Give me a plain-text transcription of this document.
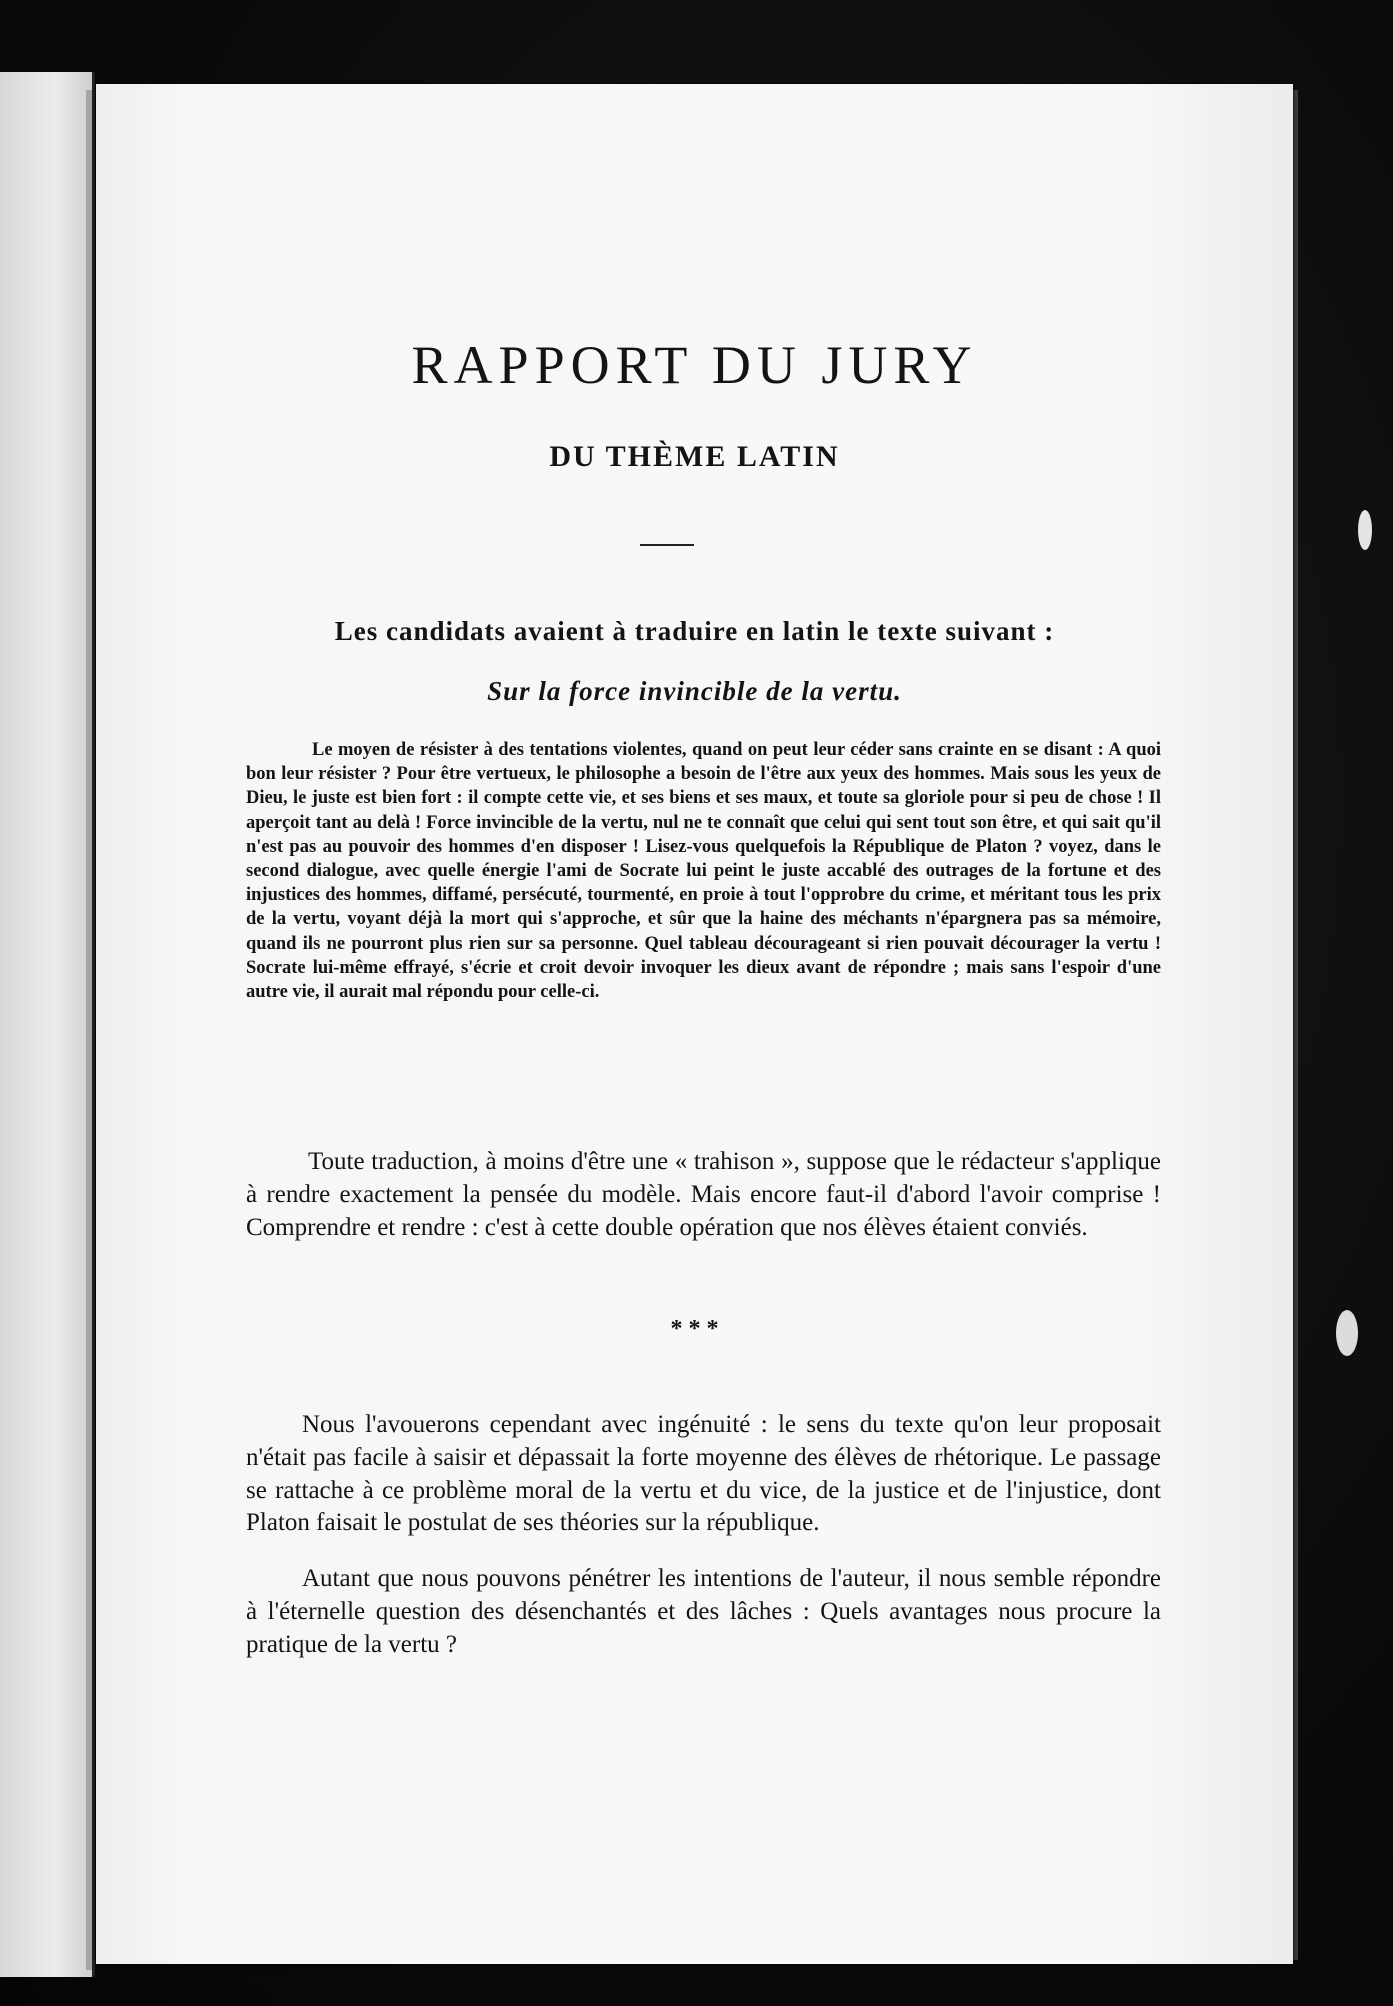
RAPPORT DU JURY
DU THÈME LATIN
Les candidats avaient à traduire en latin le texte suivant :
Sur la force invincible de la vertu.
Le moyen de résister à des tentations violentes, quand on peut leur céder sans crainte en se disant : A quoi bon leur résister ? Pour être vertueux, le philosophe a besoin de l'être aux yeux des hommes. Mais sous les yeux de Dieu, le juste est bien fort : il compte cette vie, et ses biens et ses maux, et toute sa gloriole pour si peu de chose ! Il aperçoit tant au delà ! Force invincible de la vertu, nul ne te connaît que celui qui sent tout son être, et qui sait qu'il n'est pas au pouvoir des hommes d'en disposer ! Lisez-vous quelquefois la République de Platon ? voyez, dans le second dialogue, avec quelle énergie l'ami de Socrate lui peint le juste accablé des outrages de la fortune et des injustices des hommes, diffamé, persécuté, tourmenté, en proie à tout l'opprobre du crime, et méritant tous les prix de la vertu, voyant déjà la mort qui s'approche, et sûr que la haine des méchants n'épargnera pas sa mémoire, quand ils ne pourront plus rien sur sa personne. Quel tableau décourageant si rien pouvait décourager la vertu ! Socrate lui-même effrayé, s'écrie et croit devoir invoquer les dieux avant de répondre ; mais sans l'espoir d'une autre vie, il aurait mal répondu pour celle-ci.
Toute traduction, à moins d'être une « trahison », suppose que le rédacteur s'applique à rendre exactement la pensée du modèle. Mais encore faut-il d'abord l'avoir comprise ! Comprendre et rendre : c'est à cette double opération que nos élèves étaient conviés.
* * *
Nous l'avouerons cependant avec ingénuité : le sens du texte qu'on leur proposait n'était pas facile à saisir et dépassait la forte moyenne des élèves de rhétorique. Le passage se rattache à ce problème moral de la vertu et du vice, de la justice et de l'injustice, dont Platon faisait le postulat de ses théories sur la république.
Autant que nous pouvons pénétrer les intentions de l'auteur, il nous semble répondre à l'éternelle question des désenchantés et des lâches : Quels avantages nous procure la pratique de la vertu ?
